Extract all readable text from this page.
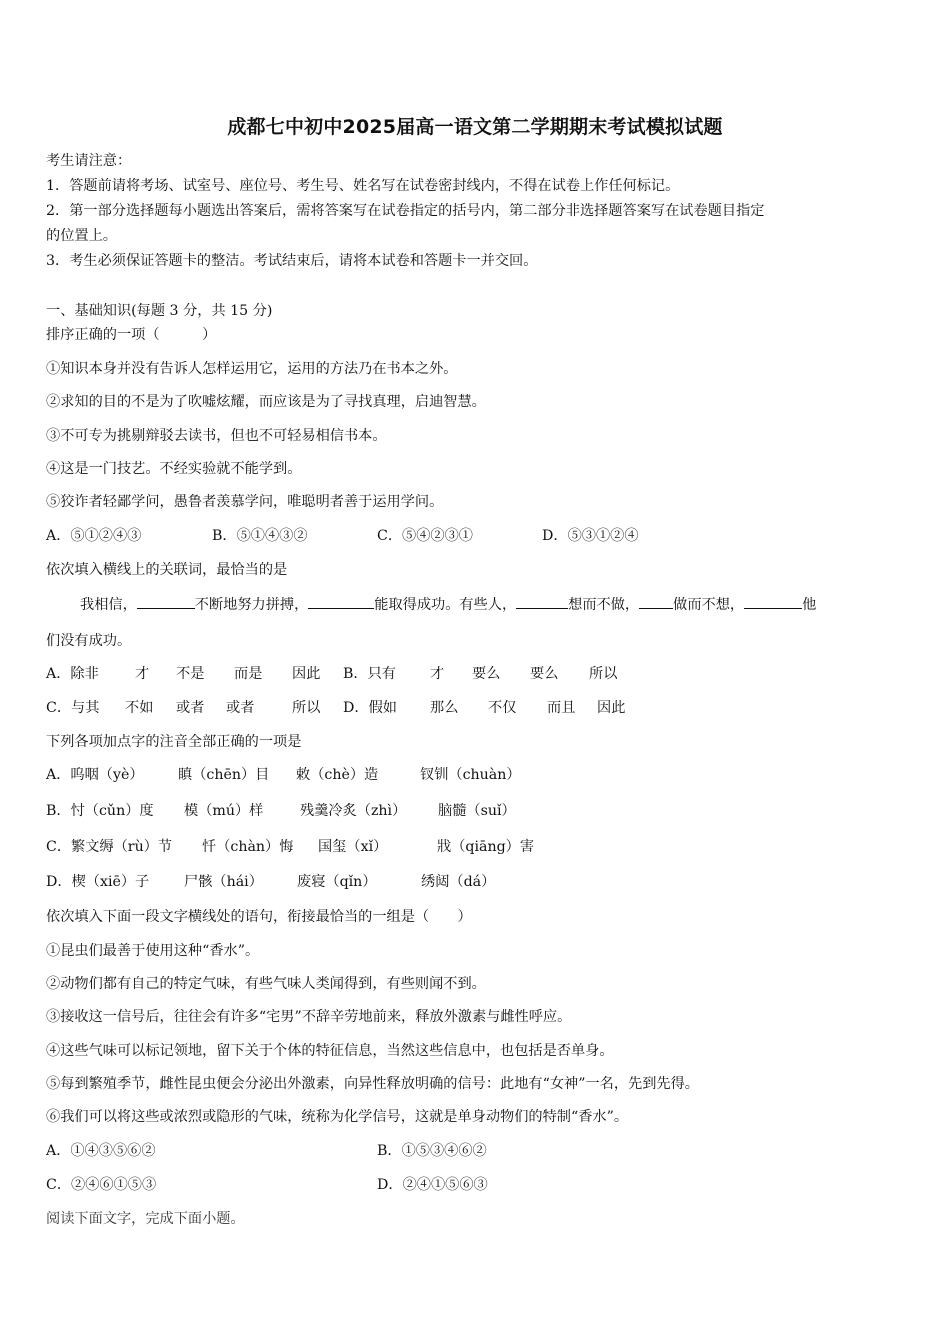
成都七中初中2025届高一语文第二学期期末考试模拟试题
考生请注意：
1．答题前请将考场、试室号、座位号、考生号、姓名写在试卷密封线内，不得在试卷上作任何标记。
2．第一部分选择题每小题选出答案后，需将答案写在试卷指定的括号内，第二部分非选择题答案写在试卷题目指定
的位置上。
3．考生必须保证答题卡的整洁。考试结束后，请将本试卷和答题卡一并交回。
一、基础知识(每题 3 分，共 15 分)
排序正确的一项（　　　）
①知识本身并没有告诉人怎样运用它，运用的方法乃在书本之外。
②求知的目的不是为了吹嘘炫耀，而应该是为了寻找真理，启迪智慧。
③不可专为挑剔辩驳去读书，但也不可轻易相信书本。
④这是一门技艺。不经实验就不能学到。
⑤狡诈者轻鄙学问，愚鲁者羡慕学问，唯聪明者善于运用学问。
A．⑤①②④③	B．⑤①④③②	C．⑤④②③①	D．⑤③①②④
依次填入横线上的关联词，最恰当的是
我相信，	不断地努力拼搏，	能取得成功。有些人，	想而不做， 做而不想，	他
们没有成功。
A．除非	才 不是 而是 因此 B．只有 才 要么 要么 所以
C．与其 不如 或者 或者	所以 D．假如 那么 不仅 而且 因此
下列各项加点字的注音全部正确的一项是
A．呜咽（yè） 瞋（chēn）目 敕（chè）造	钗钏（chuàn）
B．忖（cǔn）度 模（mú）样	残羹冷炙（zhì） 脑髓（suǐ）
C．繁文缛（rù）节 忏（chàn）悔 国玺（xǐ）	戕（qiāng）害
D．楔（xiē）子 尸骸（hái） 废寝（qǐn）	绣闼（dá）
依次填入下面一段文字横线处的语句，衔接最恰当的一组是（　　）
①昆虫们最善于使用这种“香水”。
②动物们都有自己的特定气味，有些气味人类闻得到，有些则闻不到。
③接收这一信号后，往往会有许多“宅男”不辞辛劳地前来，释放外激素与雌性呼应。
④这些气味可以标记领地，留下关于个体的特征信息，当然这些信息中，也包括是否单身。
⑤每到繁殖季节，雌性昆虫便会分泌出外激素，向异性释放明确的信号：此地有“女神”一名，先到先得。
⑥我们可以将这些或浓烈或隐形的气味，统称为化学信号，这就是单身动物们的特制“香水”。
A．①④③⑤⑥②	B．①⑤③④⑥②
C．②④⑥①⑤③	D．②④①⑤⑥③
阅读下面文字，完成下面小题。
